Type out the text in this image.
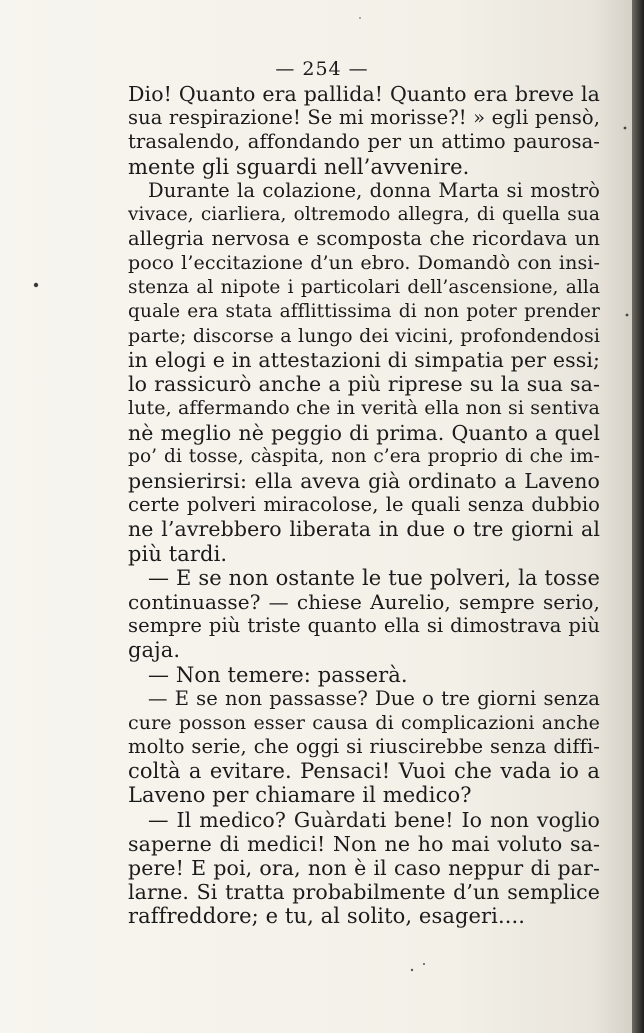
— 254 —
Dio! Quanto era pallida! Quanto era breve la
sua respirazione! Se mi morisse?! » egli pensò,
trasalendo, affondando per un attimo paurosa-
mente gli sguardi nell’avvenire.
Durante la colazione, donna Marta si mostrò
vivace, ciarliera, oltremodo allegra, di quella sua
allegria nervosa e scomposta che ricordava un
poco l’eccitazione d’un ebro. Domandò con insi-
stenza al nipote i particolari dell’ascensione, alla
quale era stata afflittissima di non poter prender
parte; discorse a lungo dei vicini, profondendosi
in elogi e in attestazioni di simpatia per essi;
lo rassicurò anche a più riprese su la sua sa-
lute, affermando che in verità ella non si sentiva
nè meglio nè peggio di prima. Quanto a quel
po’ di tosse, càspita, non c’era proprio di che im-
pensierirsi: ella aveva già ordinato a Laveno
certe polveri miracolose, le quali senza dubbio
ne l’avrebbero liberata in due o tre giorni al
più tardi.
— E se non ostante le tue polveri, la tosse
continuasse? — chiese Aurelio, sempre serio,
sempre più triste quanto ella si dimostrava più
gaja.
— Non temere: passerà.
— E se non passasse? Due o tre giorni senza
cure posson esser causa di complicazioni anche
molto serie, che oggi si riuscirebbe senza diffi-
coltà a evitare. Pensaci! Vuoi che vada io a
Laveno per chiamare il medico?
— Il medico? Guàrdati bene! Io non voglio
saperne di medici! Non ne ho mai voluto sa-
pere! E poi, ora, non è il caso neppur di par-
larne. Si tratta probabilmente d’un semplice
raffreddore; e tu, al solito, esageri....
